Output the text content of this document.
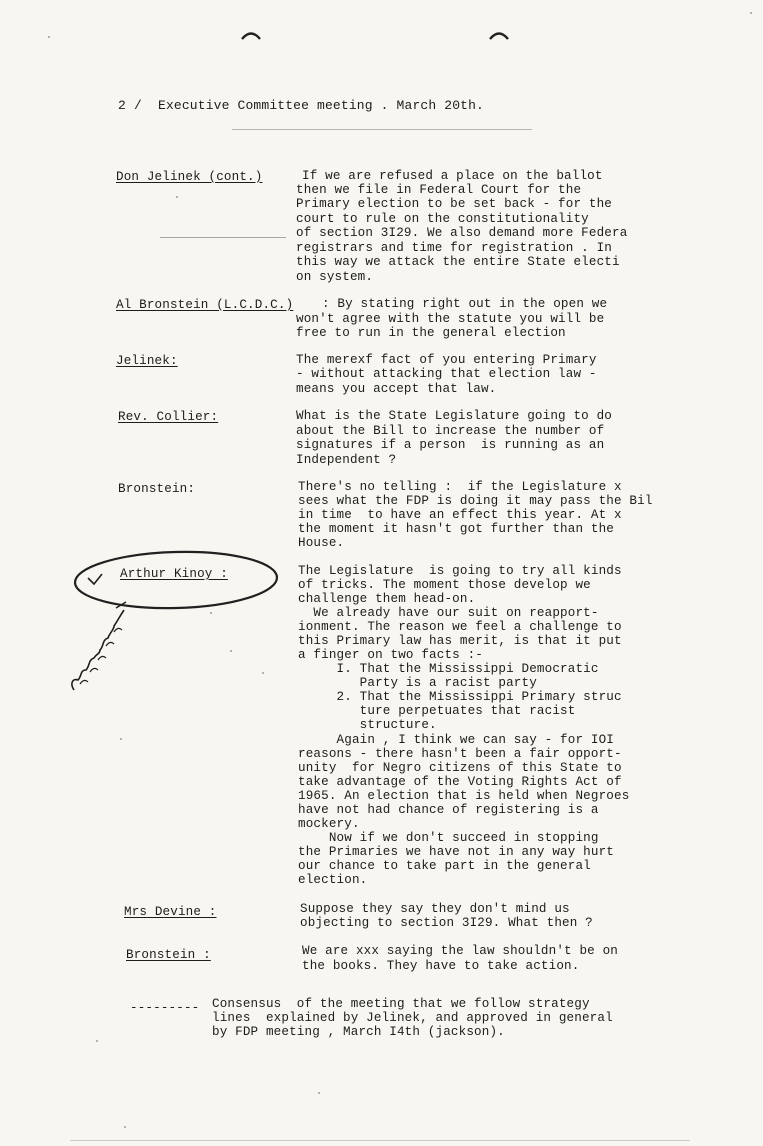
2 / Executive Committee meeting . March 20th.
Don Jelinek (cont.)	If we are refused a place on the ballot
then we file in Federal Court for the
Primary election to be set back - for the
court to rule on the constitutionality
of section 3I29. We also demand more Federa
registrars and time for registration . In
this way we attack the entire State electi
on system.
Al Bronstein (L.C.D.C.) : By stating right out in the open we
won't agree with the statute you will be
free to run in the general election
Jelinek:	The merexf fact of you entering Primary
- without attacking that election law -
means you accept that law.
Rev. Collier:	What is the State Legislature going to do
about the Bill to increase the number of
signatures if a person  is running as an
Independent ?
Bronstein:	There's no telling :  if the Legislature x
sees what the FDP is doing it may pass the Bil
in time  to have an effect this year. At x
the moment it hasn't got further than the
House.
Arthur Kinoy :	The Legislature  is going to try all kinds
of tricks. The moment those develop we
challenge them head-on.
We already have our suit on reapport-
ionment. The reason we feel a challenge to
this Primary law has merit, is that it put
a finger on two facts :-
I. That the Mississippi Democratic
Party is a racist party
2. That the Mississippi Primary struc
ture perpetuates that racist
structure.
Again , I think we can say - for IOI
reasons - there hasn't been a fair opport-
unity  for Negro citizens of this State to
take advantage of the Voting Rights Act of
1965. An election that is held when Negroes
have not had chance of registering is a
mockery.
Now if we don't succeed in stopping
the Primaries we have not in any way hurt
our chance to take part in the general
election.
Mrs Devine :	Suppose they say they don't mind us
objecting to section 3I29. What then ?
Bronstein :	We are xxx saying the law shouldn't be on
the books. They have to take action.
--------- Consensus  of the meeting that we follow strategy
lines  explained by Jelinek, and approved in general
by FDP meeting , March I4th (jackson).
